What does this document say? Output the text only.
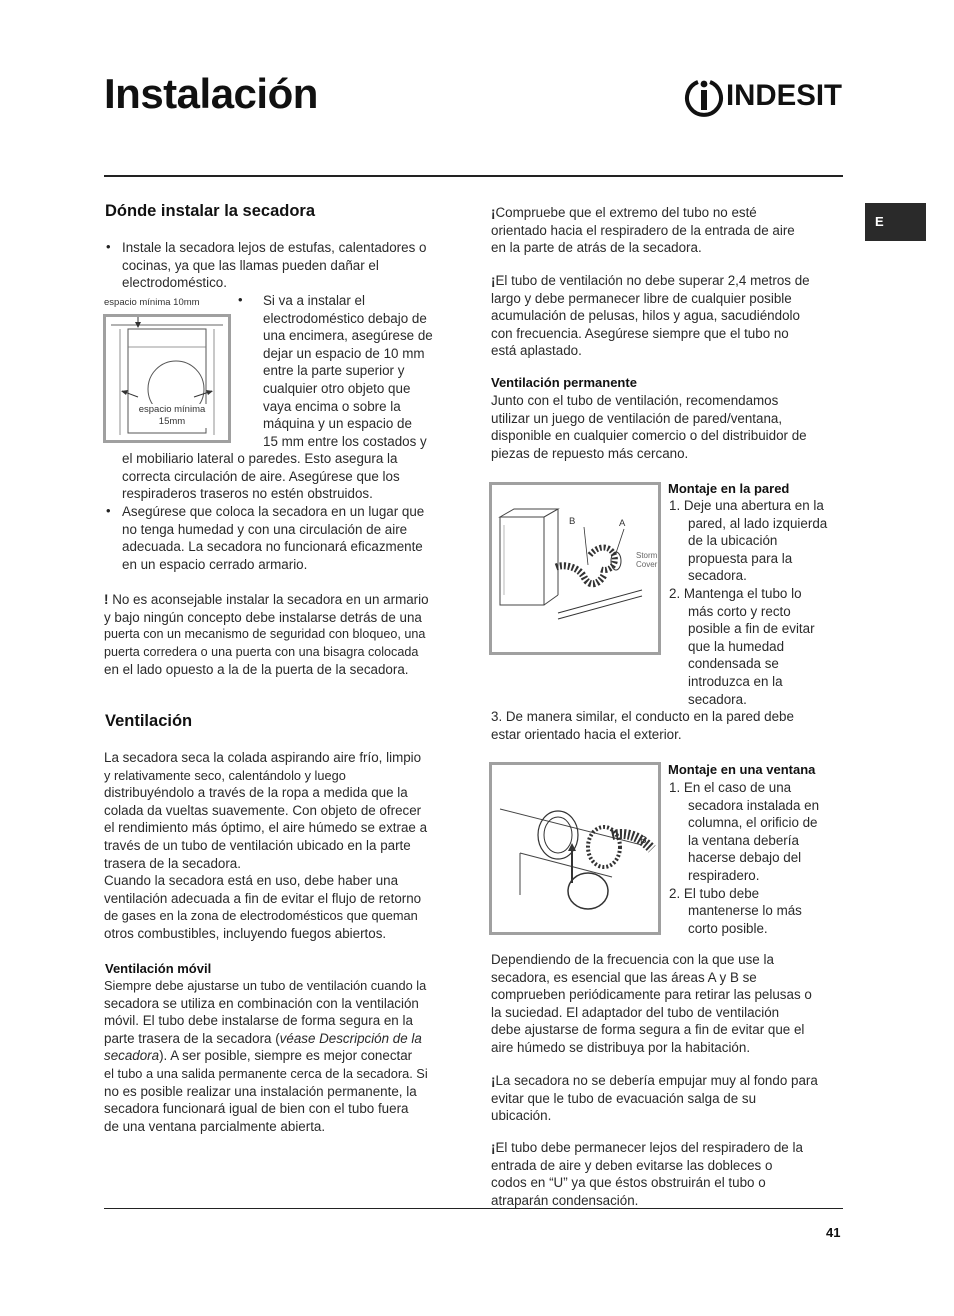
Instalación	INDESIT
E
Dónde instalar la secadora
• Instale la secadora lejos de estufas, calentadores o
cocinas, ya que las llamas pueden dañar el
electrodoméstico.
espacio mínima 10mm
espacio mínima
15mm
• Si va a instalar el
electrodoméstico debajo de
una encimera, asegúrese de
dejar un espacio de 10 mm
entre la parte superior y
cualquier otro objeto que
vaya encima o sobre la
máquina y un espacio de
15 mm entre los costados y
el mobiliario lateral o paredes. Esto asegura la
correcta circulación de aire. Asegúrese que los
respiraderos traseros no estén obstruidos.
• Asegúrese que coloca la secadora en un lugar que
no tenga humedad y con una circulación de aire
adecuada. La secadora no funcionará eficazmente
en un espacio cerrado armario.
! No es aconsejable instalar la secadora en un armario
y bajo ningún concepto debe instalarse detrás de una
puerta con un mecanismo de seguridad con bloqueo, una
puerta corredera o una puerta con una bisagra colocada
en el lado opuesto a la de la puerta de la secadora.
Ventilación
La secadora seca la colada aspirando aire frío, limpio
y relativamente seco, calentándolo y luego
distribuyéndolo a través de la ropa a medida que la
colada da vueltas suavemente. Con objeto de ofrecer
el rendimiento más óptimo, el aire húmedo se extrae a
través de un tubo de ventilación ubicado en la parte
trasera de la secadora.
Cuando la secadora está en uso, debe haber una
ventilación adecuada a fin de evitar el flujo de retorno
de gases en la zona de electrodomésticos que queman
otros combustibles, incluyendo fuegos abiertos.
Ventilación móvil
Siempre debe ajustarse un tubo de ventilación cuando la
secadora se utiliza en combinación con la ventilación
móvil. El tubo debe instalarse de forma segura en la
parte trasera de la secadora (véase Descripción de la
secadora). A ser posible, siempre es mejor conectar
el tubo a una salida permanente cerca de la secadora. Si
no es posible realizar una instalación permanente, la
secadora funcionará igual de bien con el tubo fuera
de una ventana parcialmente abierta.
¡Compruebe que el extremo del tubo no esté
orientado hacia el respiradero de la entrada de aire
en la parte de atrás de la secadora.
¡El tubo de ventilación no debe superar 2,4 metros de
largo y debe permanecer libre de cualquier posible
acumulación de pelusas, hilos y agua, sacudiéndolo
con frecuencia. Asegúrese siempre que el tubo no
está aplastado.
Ventilación permanente
Junto con el tubo de ventilación, recomendamos
utilizar un juego de ventilación de pared/ventana,
disponible en cualquier comercio o del distribuidor de
piezas de repuesto más cercano.
B	A
Storm
Cover
Montaje en la pared
1. Deje una abertura en la
pared, al lado izquierda
de la ubicación
propuesta para la
secadora.
2. Mantenga el tubo lo
más corto y recto
posible a fin de evitar
que la humedad
condensada se
introduzca en la
secadora.
3. De manera similar, el conducto en la pared debe
estar orientado hacia el exterior.
B
Montaje en una ventana
1. En el caso de una
secadora instalada en
columna, el orificio de
la ventana debería
hacerse debajo del
respiradero.
2. El tubo debe
mantenerse lo más
corto posible.
Dependiendo de la frecuencia con la que use la
secadora, es esencial que las áreas A y B se
comprueben periódicamente para retirar las pelusas o
la suciedad. El adaptador del tubo de ventilación
debe ajustarse de forma segura a fin de evitar que el
aire húmedo se distribuya por la habitación.
¡La secadora no se debería empujar muy al fondo para
evitar que le tubo de evacuación salga de su
ubicación.
¡El tubo debe permanecer lejos del respiradero de la
entrada de aire y deben evitarse las dobleces o
codos en “U” ya que éstos obstruirán el tubo o
atraparán condensación.
41
